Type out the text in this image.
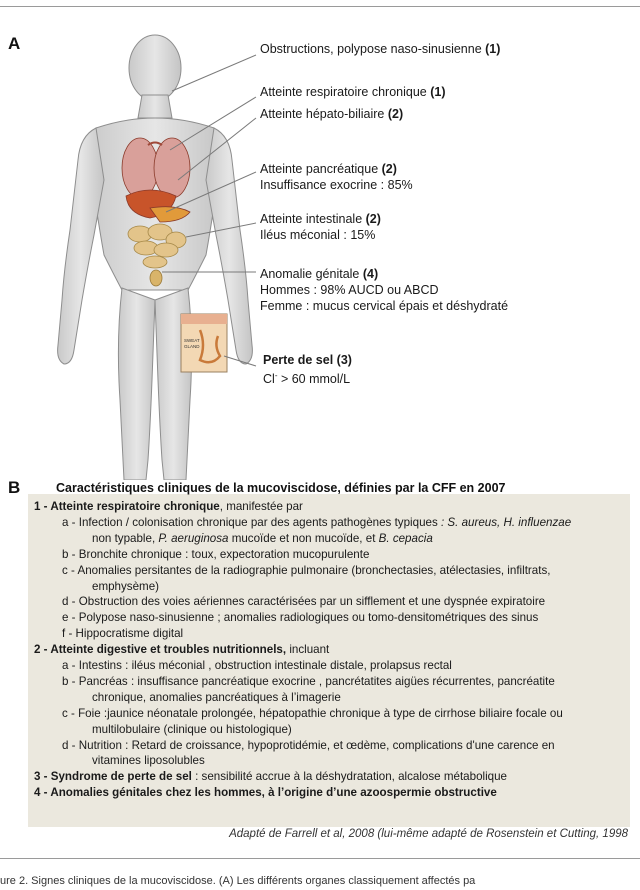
A
SWEAT
GLAND
Obstructions, polypose naso-sinusienne (1)
Atteinte respiratoire chronique (1)
Atteinte hépato-biliaire (2)
Atteinte pancréatique (2)
Insuffisance exocrine : 85%
Atteinte intestinale (2)
Iléus méconial : 15%
Anomalie génitale (4)
Hommes : 98% AUCD ou ABCD
Femme : mucus cervical épais et déshydraté
Perte de sel (3)
Cl- > 60 mmol/L
B	Caractéristiques cliniques de la mucoviscidose, définies par la CFF en 2007
1 - Atteinte respiratoire chronique, manifestée par
a - Infection / colonisation chronique par des agents pathogènes typiques : S. aureus, H. influenzae
non typable, P. aeruginosa mucoïde et non mucoïde, et B. cepacia
b - Bronchite chronique : toux, expectoration mucopurulente
c - Anomalies persitantes de la radiographie pulmonaire (bronchectasies, atélectasies, infiltrats,
emphysème)
d - Obstruction des voies aériennes caractérisées par un sifflement et une dyspnée expiratoire
e - Polypose naso-sinusienne ; anomalies radiologiques ou tomo-densitométriques des sinus
f - Hippocratisme digital
2 - Atteinte digestive et troubles nutritionnels, incluant
a - Intestins : iléus méconial , obstruction intestinale distale, prolapsus rectal
b - Pancréas : insuffisance pancréatique exocrine , pancrétatites aigües récurrentes, pancréatite
chronique, anomalies pancréatiques à l’imagerie
c - Foie :jaunice néonatale prolongée, hépatopathie chronique à type de cirrhose biliaire focale ou
multilobulaire (clinique ou histologique)
d - Nutrition : Retard de croissance, hypoprotidémie, et œdème, complications d'une carence en
vitamines liposolubles
3 - Syndrome de perte de sel : sensibilité accrue à la déshydratation, alcalose métabolique
4 - Anomalies génitales chez les hommes, à l’origine d’une azoospermie obstructive
Adapté de Farrell et al, 2008 (lui-même adapté de Rosenstein et Cutting, 1998
ure 2. Signes cliniques de la mucoviscidose. (A) Les différents organes classiquement affectés pa
